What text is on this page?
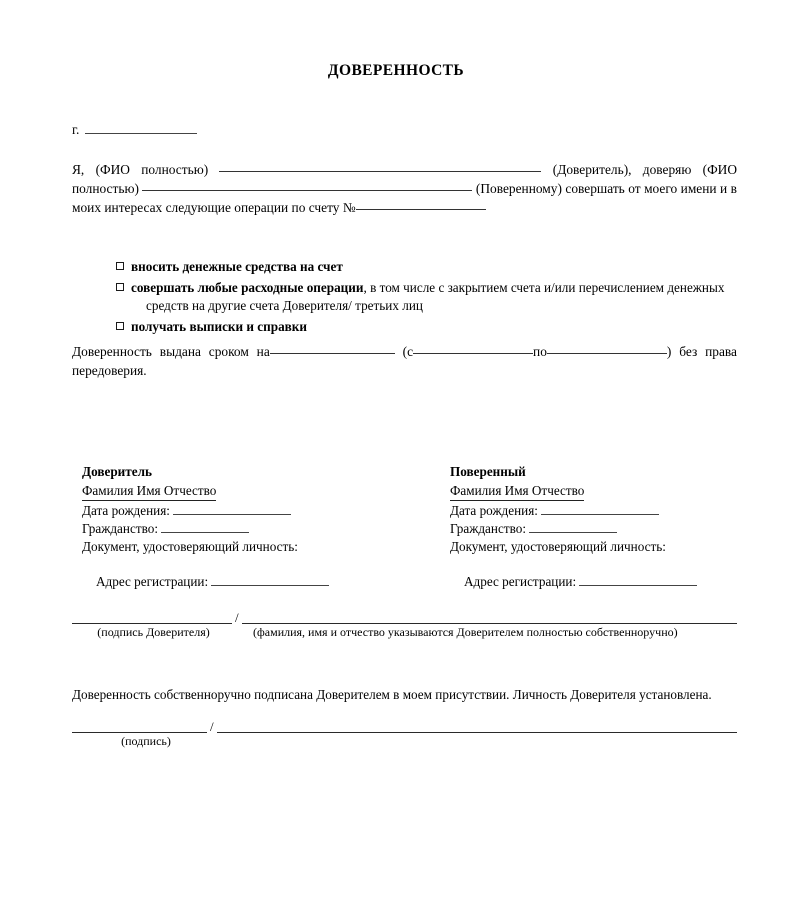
ДОВЕРЕННОСТЬ
г.
Я, (ФИО полностью)	(Доверитель), доверяю (ФИО полностью)	(Поверенному) совершать от моего имени и в моих интересах следующие операции по счету №
вносить денежные средства на счет
совершать любые расходные операции, в том числе с закрытием счета и/или перечислением денежных
средств на другие счета Доверителя/ третьих лиц
получать выписки и справки
Доверенность выдана сроком на	(с	по	) без права передоверия.
Доверитель
Фамилия Имя Отчество
Дата рождения:
Гражданство:
Документ, удостоверяющий личность:
Адрес регистрации:
Поверенный
Фамилия Имя Отчество
Дата рождения:
Гражданство:
Документ, удостоверяющий личность:
Адрес регистрации:
/
(подпись Доверителя)	(фамилия, имя и отчество указываются Доверителем полностью собственноручно)
Доверенность собственноручно подписана Доверителем в моем присутствии. Личность Доверителя установлена.
/
(подпись)
